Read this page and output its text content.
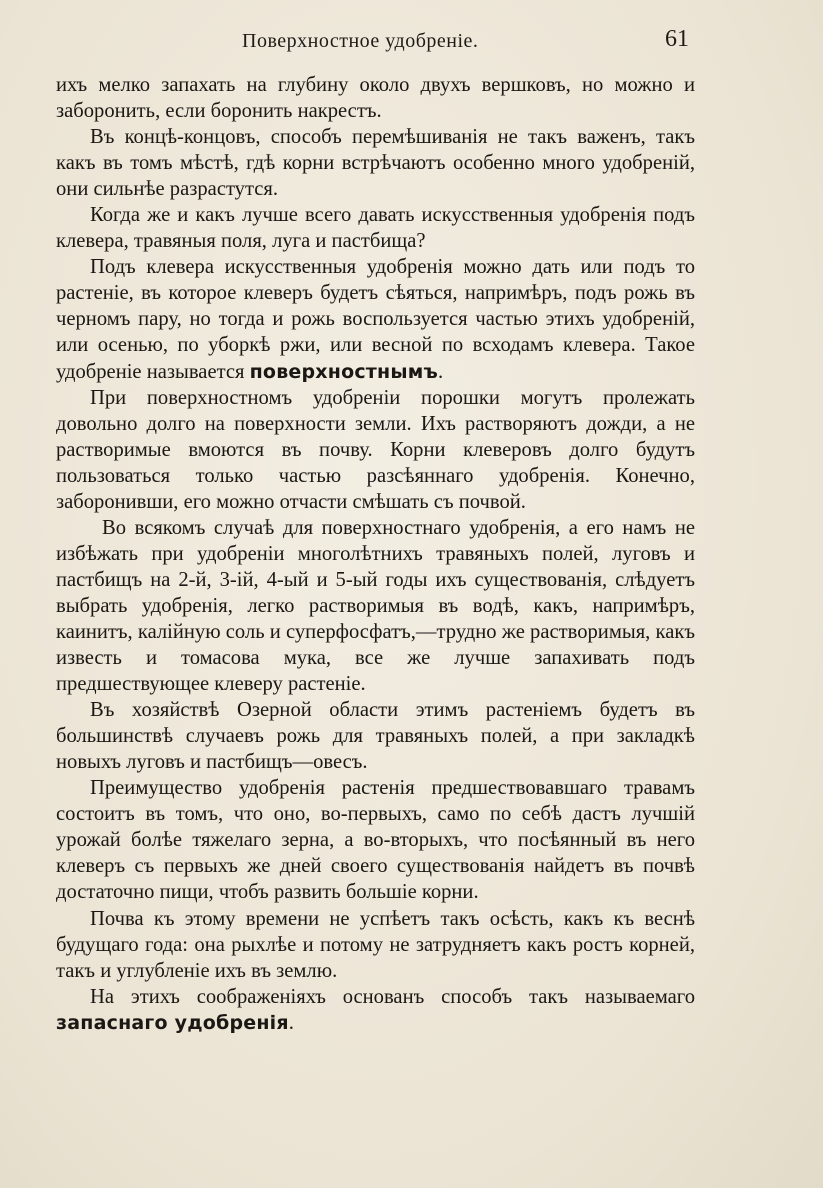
Поверхностное удобреніе.	61

ихъ мелко запахать на глубину около двухъ вершковъ, но можно и заборонить, если боронить накрестъ.

Въ концѣ-концовъ, способъ перемѣшиванія не такъ важенъ, такъ какъ въ томъ мѣстѣ, гдѣ корни встрѣчаютъ особенно много удобреній, они сильнѣе разрастутся.

Когда же и какъ лучше всего давать искусственныя удобренія подъ клевера, травяныя поля, луга и пастбища?

Подъ клевера искусственныя удобренія можно дать или подъ то растеніе, въ которое клеверъ будетъ сѣяться, напримѣръ, подъ рожь въ черномъ пару, но тогда и рожь воспользуется частью этихъ удобреній, или осенью, по уборкѣ ржи, или весной по всходамъ клевера. Такое удобреніе называется поверхностнымъ.

При поверхностномъ удобреніи порошки могутъ пролежать довольно долго на поверхности земли. Ихъ растворяютъ дожди, а не растворимые вмоются въ почву. Корни клеверовъ долго будутъ пользоваться только частью разсѣяннаго удобренія. Конечно, заборонивши, его можно отчасти смѣшать съ почвой.

Во всякомъ случаѣ для поверхностнаго удобренія, а его намъ не избѣжать при удобреніи многолѣтнихъ травяныхъ полей, луговъ и пастбищъ на 2-й, 3-ій, 4-ый и 5-ый годы ихъ существованія, слѣдуетъ выбрать удобренія, легко растворимыя въ водѣ, какъ, напримѣръ, каинитъ, калійную соль и суперфосфатъ,—трудно же растворимыя, какъ известь и томасова мука, все же лучше запахивать подъ предшествующее клеверу растеніе.

Въ хозяйствѣ Озерной области этимъ растеніемъ будетъ въ большинствѣ случаевъ рожь для травяныхъ полей, а при закладкѣ новыхъ луговъ и пастбищъ—овесъ.

Преимущество удобренія растенія предшествовавшаго травамъ состоитъ въ томъ, что оно, во-первыхъ, само по себѣ дастъ лучшій урожай болѣе тяжелаго зерна, а во-вторыхъ, что посѣянный въ него клеверъ съ первыхъ же дней своего существованія найдетъ въ почвѣ достаточно пищи, чтобъ развить большіе корни.

Почва къ этому времени не успѣетъ такъ осѣсть, какъ къ веснѣ будущаго года: она рыхлѣе и потому не затрудняетъ какъ ростъ корней, такъ и углубленіе ихъ въ землю.

На этихъ соображеніяхъ основанъ способъ такъ называемаго запаснаго удобренія.
